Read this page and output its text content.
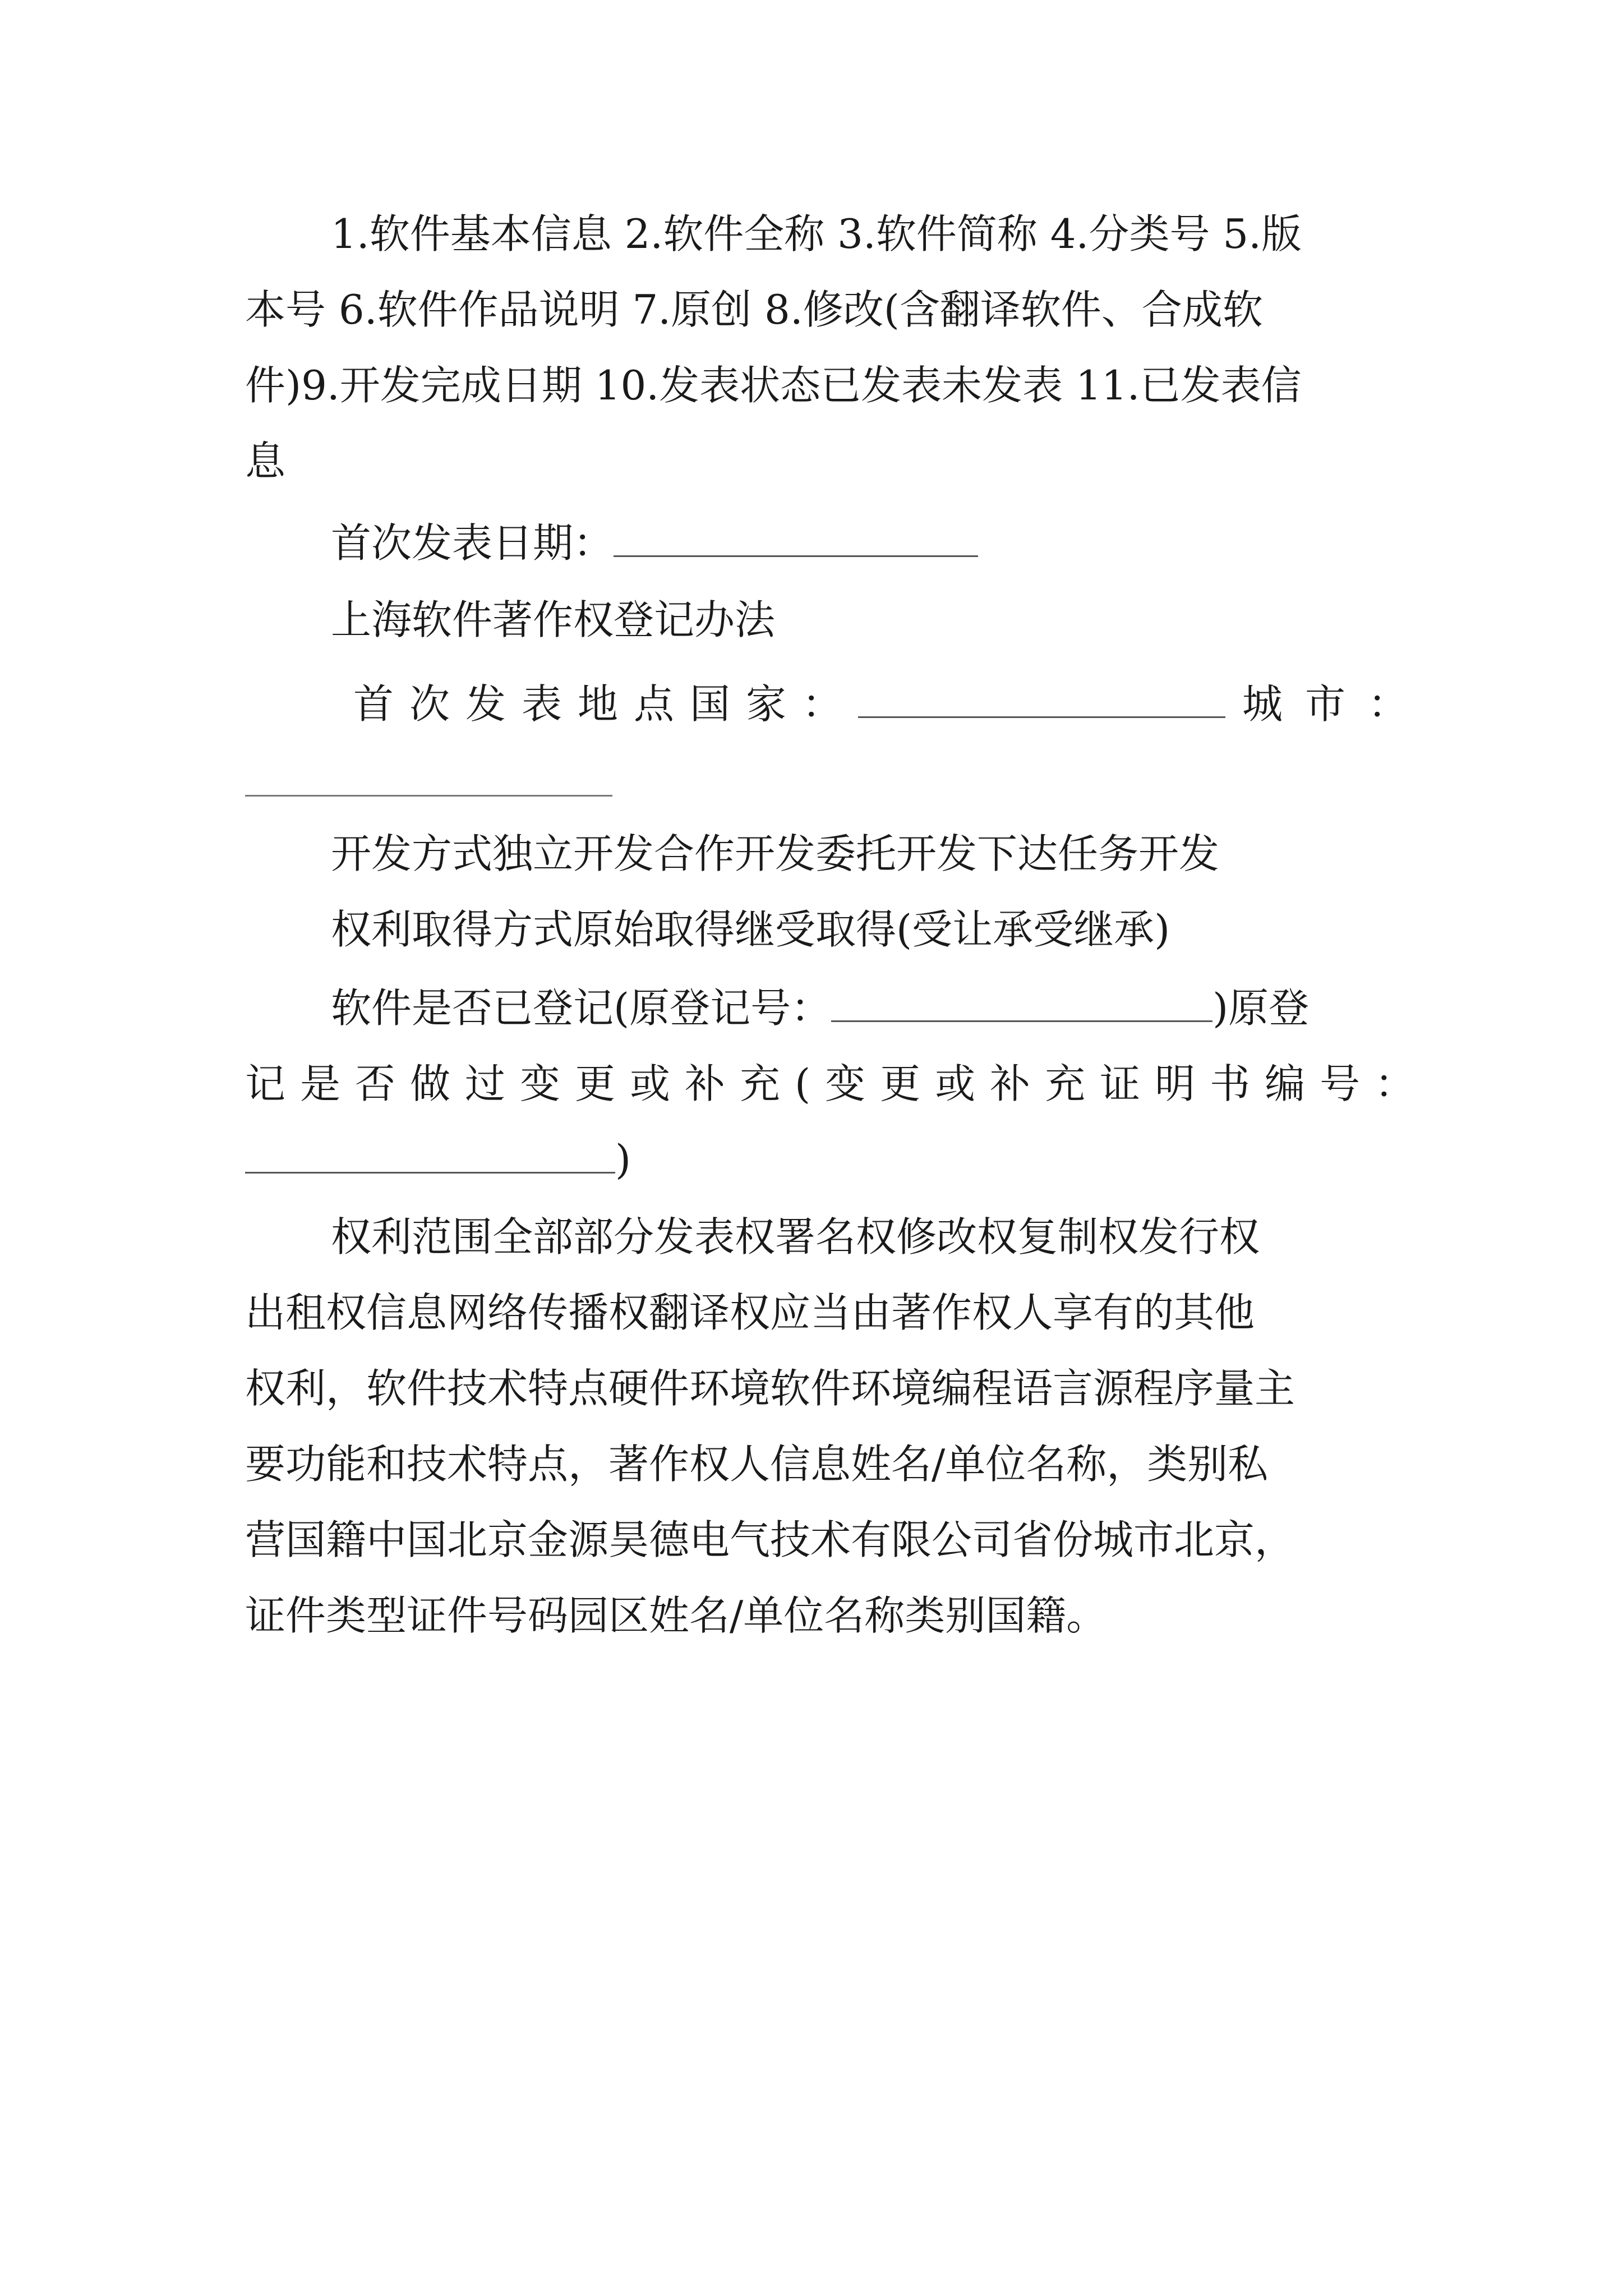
1.软件基本信息 2.软件全称 3.软件简称 4.分类号 5.版
本号 6.软件作品说明 7.原创 8.修改(含翻译软件、合成软
件)9.开发完成日期 10.发表状态已发表未发表 11.已发表信
息
首次发表日期：
上海软件著作权登记办法
首次发表地点国家：	城市：
开发方式独立开发合作开发委托开发下达任务开发
权利取得方式原始取得继受取得(受让承受继承)
软件是否已登记(原登记号：	)原登
记是否做过变更或补充(变更或补充证明书编号：
)
权利范围全部部分发表权署名权修改权复制权发行权
出租权信息网络传播权翻译权应当由著作权人享有的其他
权利，软件技术特点硬件环境软件环境编程语言源程序量主
要功能和技术特点，著作权人信息姓名/单位名称，类别私
营国籍中国北京金源昊德电气技术有限公司省份城市北京，
证件类型证件号码园区姓名/单位名称类别国籍。
